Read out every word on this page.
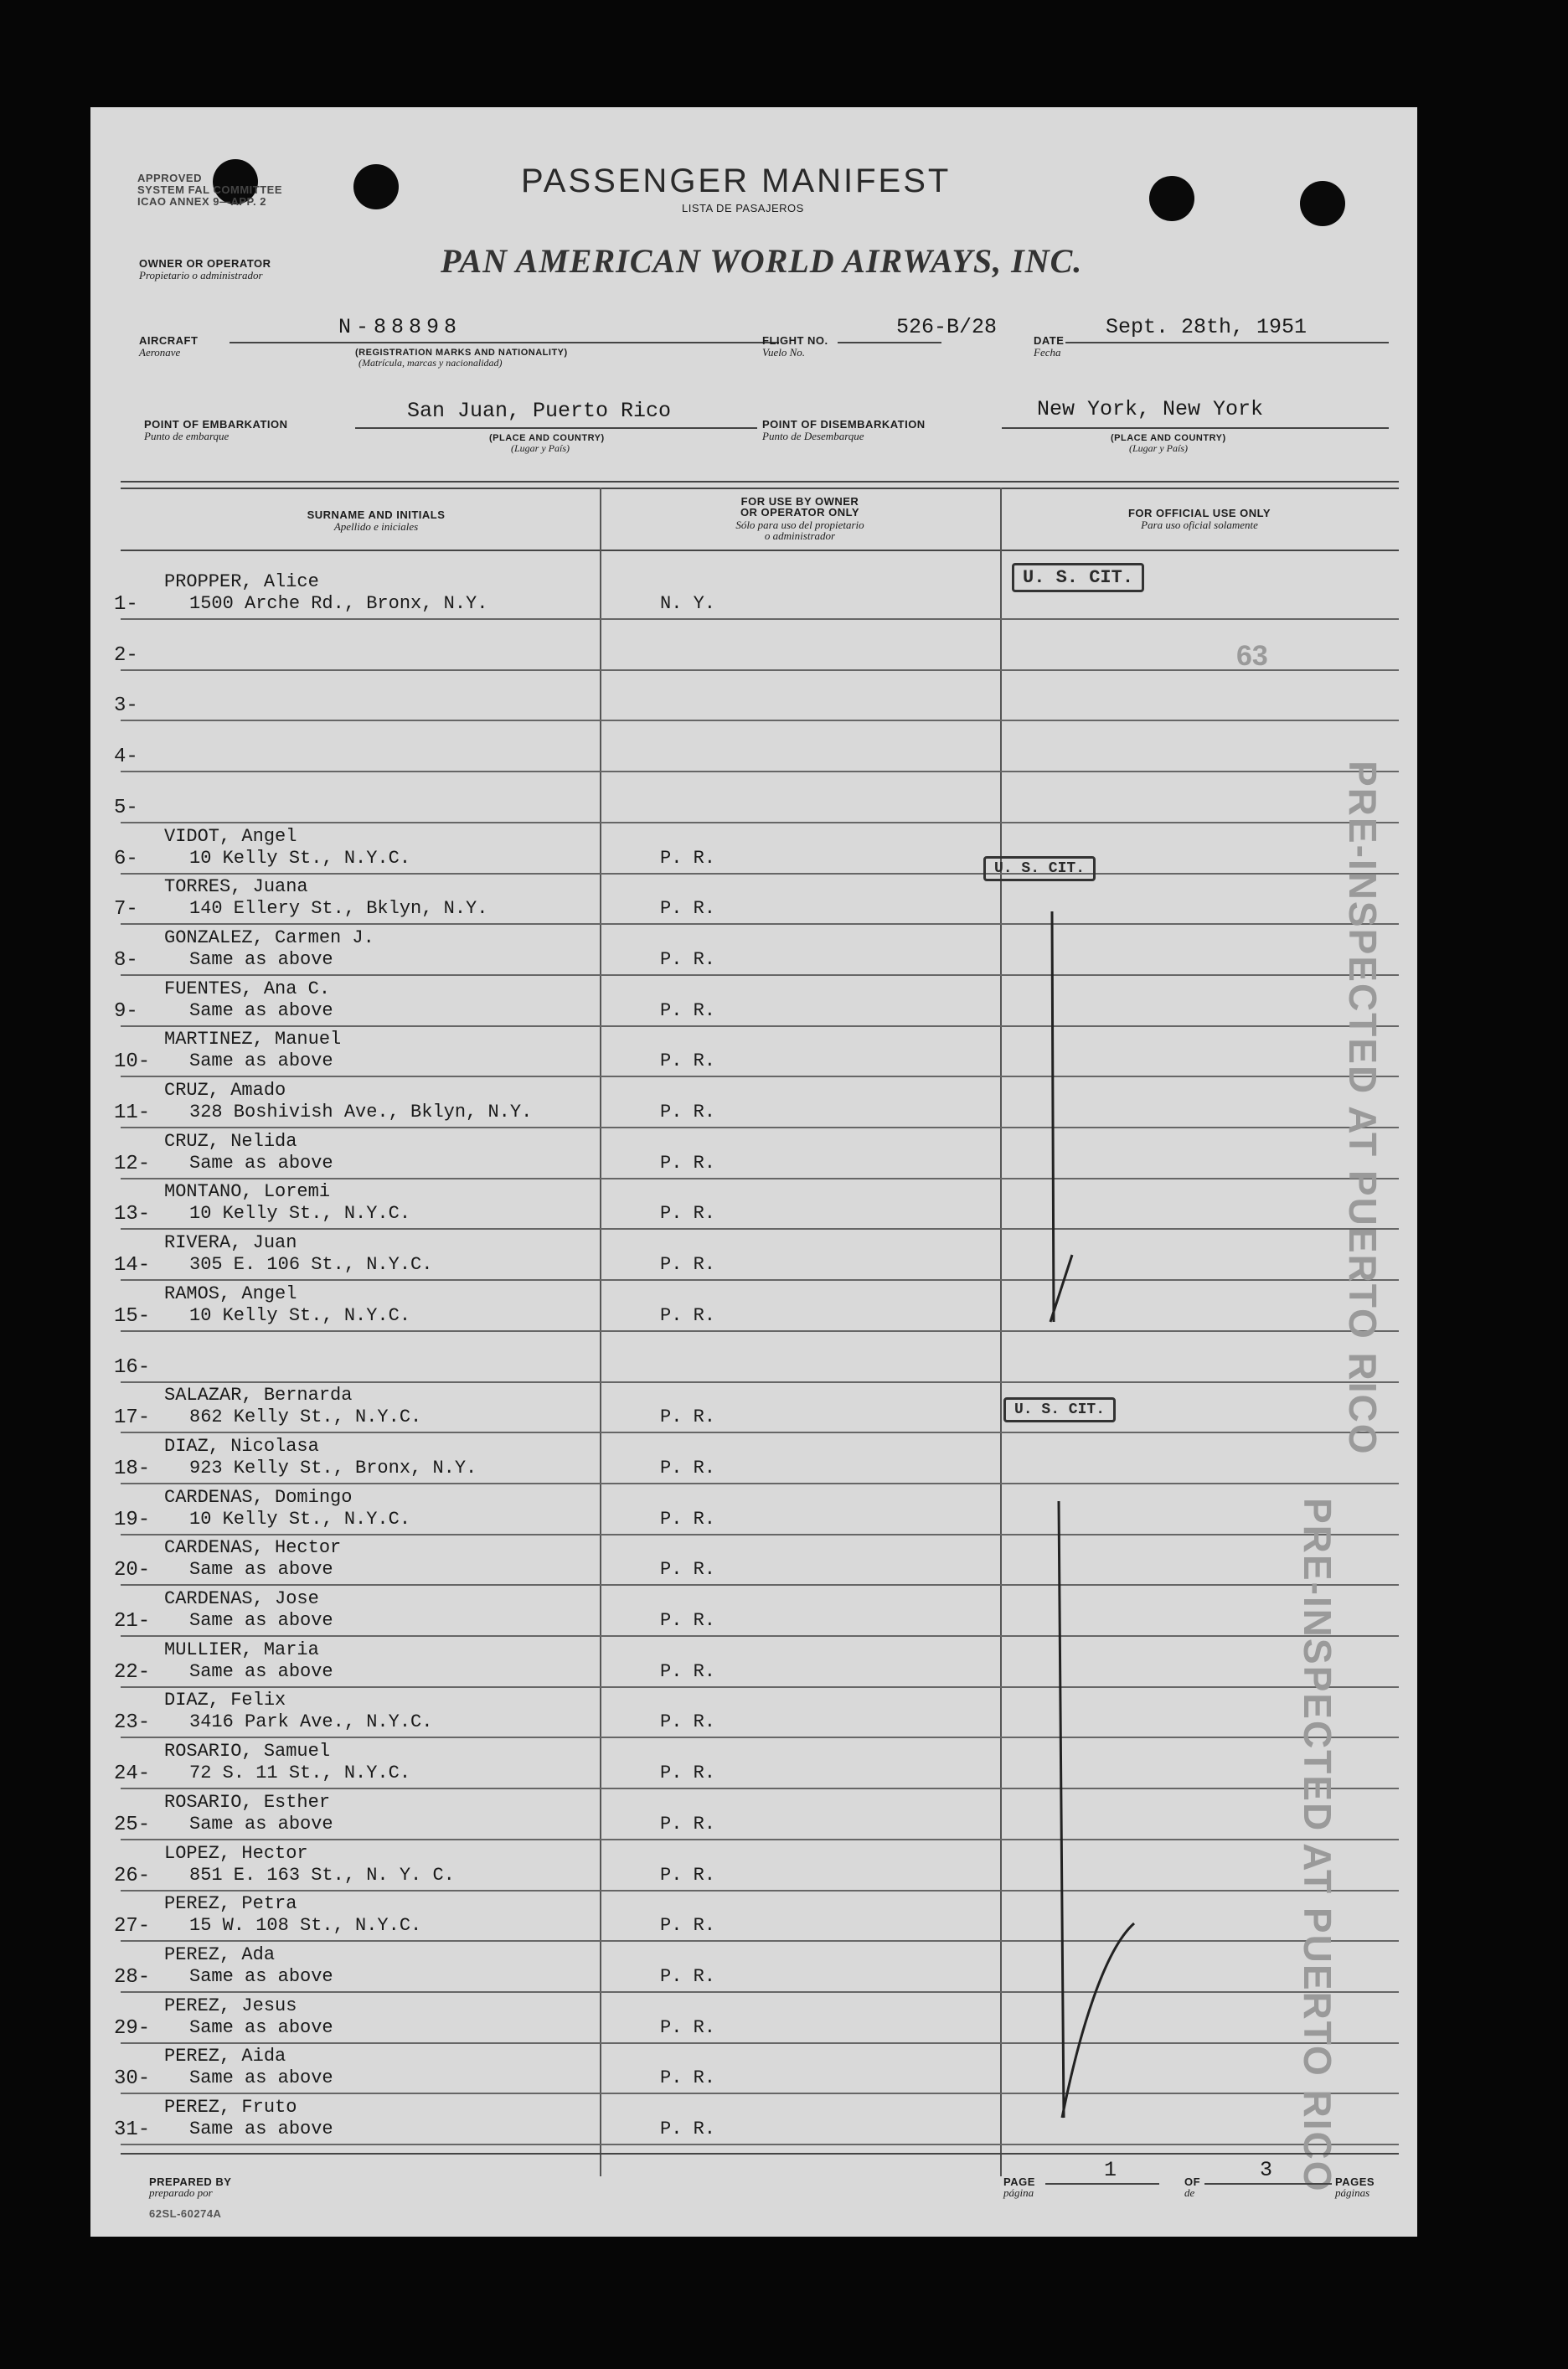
APPROVED
SYSTEM FAL COMMITTEE
ICAO ANNEX 9—APP. 2
PASSENGER MANIFEST
LISTA DE PASAJEROS
OWNER OR OPERATOR
Propietario o administrador	PAN AMERICAN WORLD AIRWAYS, INC.
AIRCRAFT
Aeronave
N-88898
(REGISTRATION MARKS AND NATIONALITY)
(Matrícula, marcas y nacionalidad)
FLIGHT NO.
Vuelo No.
526-B/28
DATE
Fecha
Sept. 28th, 1951
POINT OF EMBARKATION
Punto de embarque
San Juan, Puerto Rico
(PLACE AND COUNTRY)
(Lugar y País)
POINT OF DISEMBARKATION
Punto de Desembarque
New York, New York
(PLACE AND COUNTRY)
(Lugar y País)
SURNAME AND INITIALS
Apellido e iniciales
FOR USE BY OWNER
OR OPERATOR ONLY
Sólo para uso del propietario
o administrador
FOR OFFICIAL USE ONLY
Para uso oficial solamente
1-
PROPPER, Alice
1500 Arche Rd., Bronx, N.Y.	N. Y.
2-
3-
4-
5-
6-
VIDOT, Angel
10 Kelly St., N.Y.C.	P. R.
7-
TORRES, Juana
140 Ellery St., Bklyn, N.Y.	P. R.
8-
GONZALEZ, Carmen J.
Same as above	P. R.
9-
FUENTES, Ana C.
Same as above	P. R.
10-
MARTINEZ, Manuel
Same as above	P. R.
11-
CRUZ, Amado
328 Boshivish Ave., Bklyn, N.Y.	P. R.
12-
CRUZ, Nelida
Same as above	P. R.
13-
MONTANO, Loremi
10 Kelly St., N.Y.C.	P. R.
14-
RIVERA, Juan
305 E. 106 St., N.Y.C.	P. R.
15-
RAMOS, Angel
10 Kelly St., N.Y.C.	P. R.
16-
17-
SALAZAR, Bernarda
862 Kelly St., N.Y.C.	P. R.
18-
DIAZ, Nicolasa
923 Kelly St., Bronx, N.Y.	P. R.
19-
CARDENAS, Domingo
10 Kelly St., N.Y.C.	P. R.
20-
CARDENAS, Hector
Same as above	P. R.
21-
CARDENAS, Jose
Same as above	P. R.
22-
MULLIER, Maria
Same as above	P. R.
23-
DIAZ, Felix
3416 Park Ave., N.Y.C.	P. R.
24-
ROSARIO, Samuel
72 S. 11 St., N.Y.C.	P. R.
25-
ROSARIO, Esther
Same as above	P. R.
26-
LOPEZ, Hector
851 E. 163 St., N. Y. C.	P. R.
27-
PEREZ, Petra
15 W. 108 St., N.Y.C.	P. R.
28-
PEREZ, Ada
Same as above	P. R.
29-
PEREZ, Jesus
Same as above	P. R.
30-
PEREZ, Aida
Same as above	P. R.
31-
PEREZ, Fruto
Same as above	P. R.
U. S. CIT.
U. S. CIT.
U. S. CIT.
63
PRE-INSPECTED AT PUERTO RICO
PRE-INSPECTED AT PUERTO RICO
PREPARED BY
preparado por
62SL-60274A
PAGE
página
1	OF
de
3	PAGES
páginas
